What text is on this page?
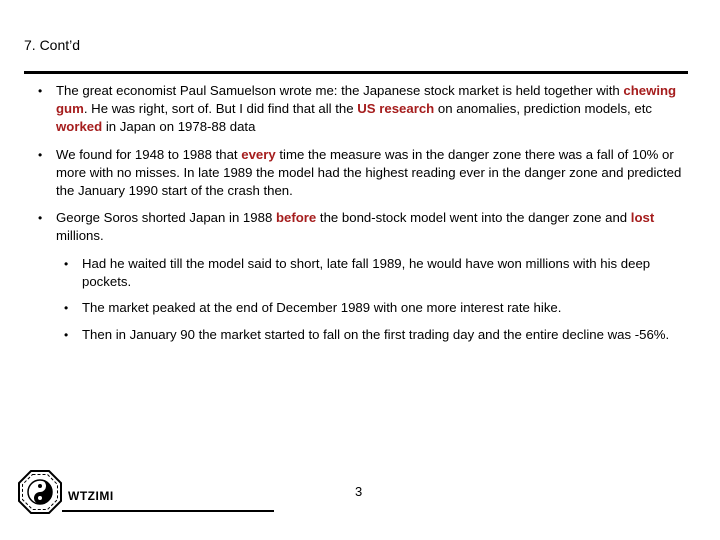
7. Cont’d
• The great economist Paul Samuelson wrote me: the Japanese stock market is held together with chewing gum. He was right, sort of. But I did find that all the US research on anomalies, prediction models, etc worked in Japan on 1978-88 data
• We found for 1948 to 1988 that every time the measure was in the danger zone there was a fall of 10% or more with no misses. In late 1989 the model had the highest reading ever in the danger zone and predicted the January 1990 start of the crash then.
• George Soros shorted Japan in 1988 before the bond-stock model went into the danger zone and lost millions.
• Had he waited till the model said to short, late fall 1989, he would have won millions with his deep pockets.
• The market peaked at the end of December 1989 with one more interest rate hike.
• Then in January 90 the market started to fall on the first trading day and the entire decline was -56%.
WTZIMI	3
